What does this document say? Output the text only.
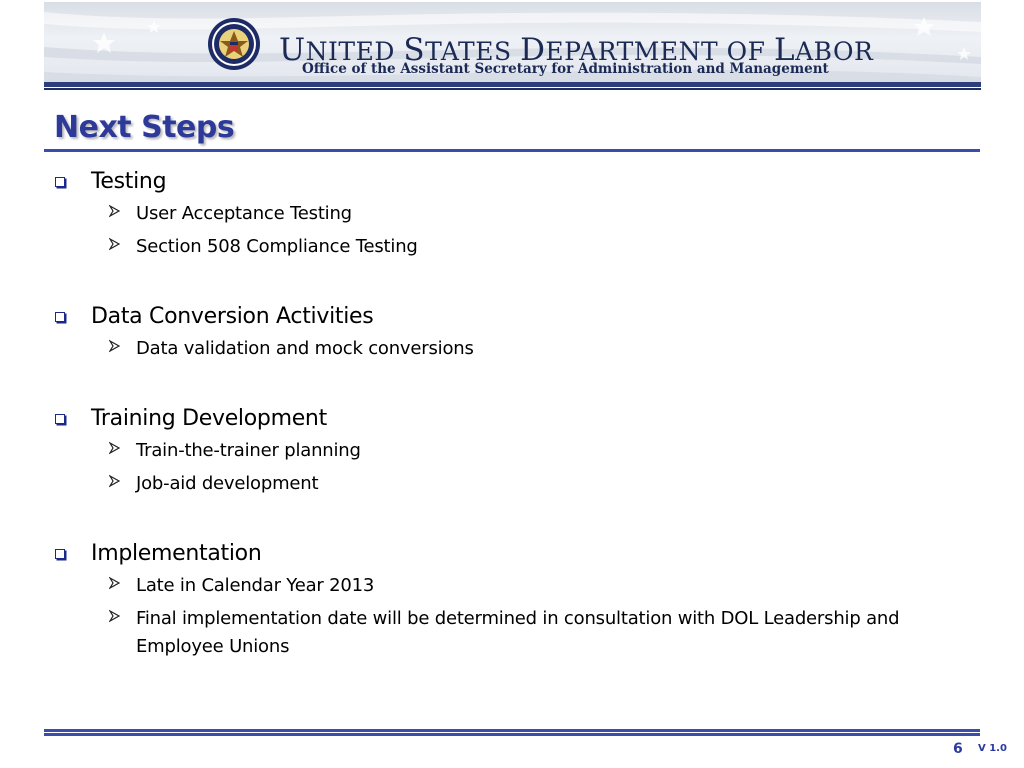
UNITED STATES DEPARTMENT OF LABOR
Office of the Assistant Secretary for Administration and Management
Next Steps
Testing
User Acceptance Testing
Section 508 Compliance Testing
Data Conversion Activities
Data validation and mock conversions
Training Development
Train-the-trainer planning
Job-aid development
Implementation
Late in Calendar Year 2013
Final implementation date will be determined in consultation with DOL Leadership and Employee Unions
6 V 1.0
